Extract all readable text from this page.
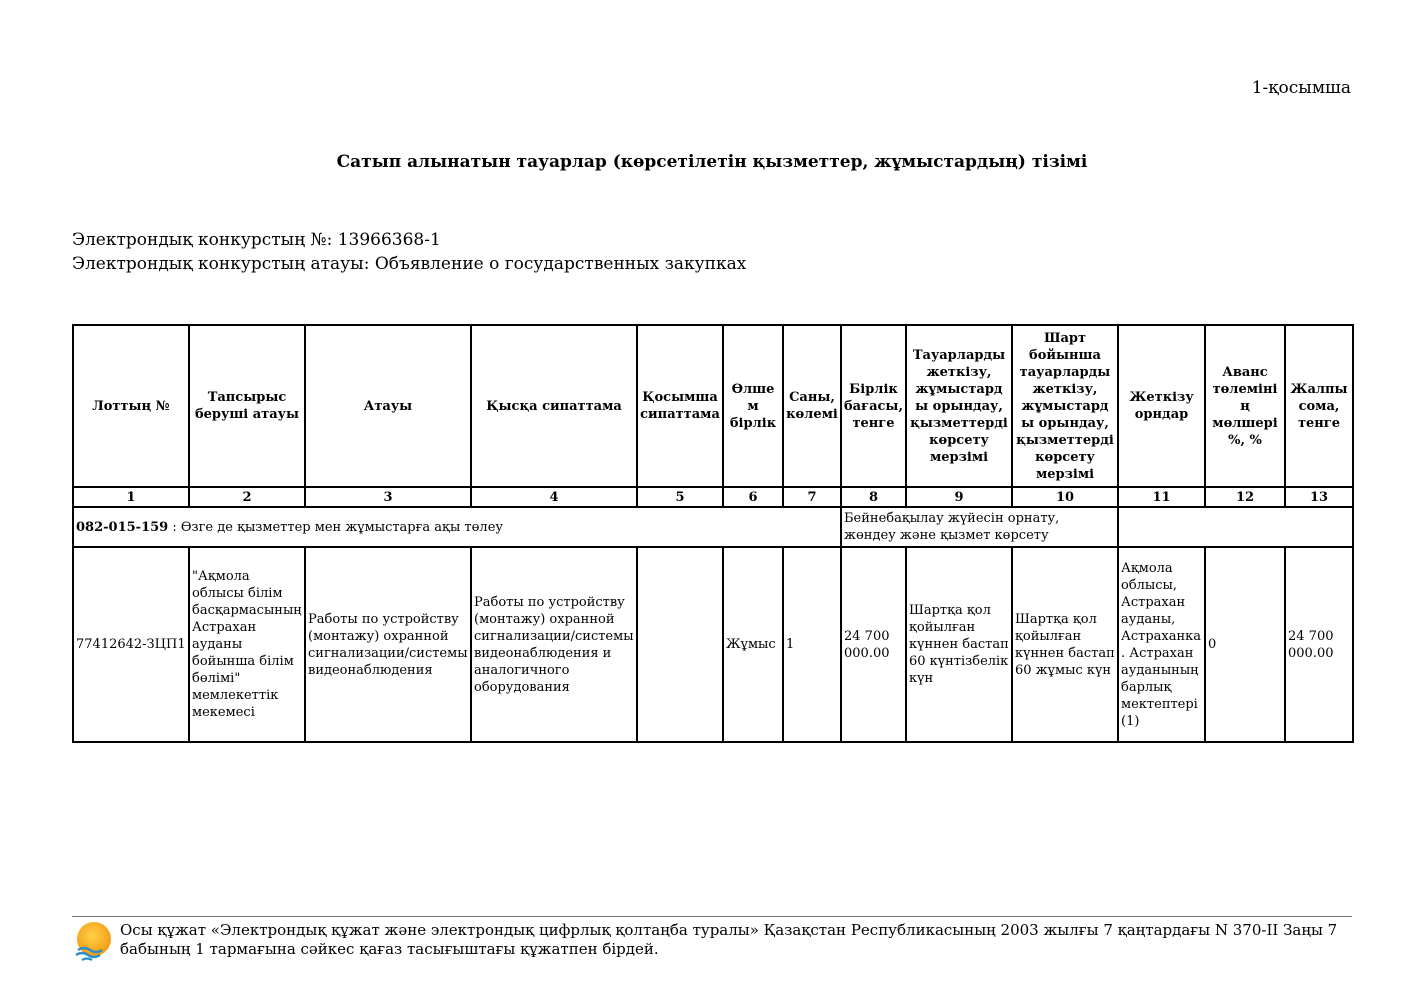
1-қосымша
Сатып алынатын тауарлар (көрсетілетін қызметтер, жұмыстардың) тізімі
Электрондық конкурстың №: 13966368-1
Электрондық конкурстың атауы: Объявление о государственных закупках
Лоттың №	Тапсырыс беруші атауы	Атауы	Қысқа сипаттама	Қосымша сипаттама	Өлшем бірлік	Саны, көлемі	Бірлік бағасы, тенге	Тауарларды жеткізу, жұмыстарды орындау, қызметтерді көрсету мерзімі	Шарт бойынша тауарларды жеткізу, жұмыстарды орындау, қызметтерді көрсету мерзімі	Жеткізу орндар	Аванс төлемінің мөлшері %, %	Жалпы сома, тенге
1	2	3	4	5	6	7	8	9	10	11	12	13
082-015-159 : Өзге де қызметтер мен жұмыстарға ақы төлеу							Бейнебақылау жүйесін орнату, жөндеу және қызмет көрсету					
77412642-ЗЦП1	"Ақмола облысы білім басқармасының Астрахан ауданы бойынша білім бөлімі" мемлекеттік мекемесі	Работы по устройству (монтажу) охранной сигнализации/системы видеонаблюдения	Работы по устройству (монтажу) охранной сигнализации/системы видеонаблюдения и аналогичного оборудования		Жұмыс	1	24 700 000.00	Шартқа қол қойылған күннен бастап 60 күнтізбелік күн	Шартқа қол қойылған күннен бастап 60 жұмыс күн	Ақмола облысы, Астрахан ауданы, Астраханка. Астрахан ауданының барлық мектептері (1)	0	24 700 000.00
Осы құжат «Электрондық құжат және электрондық цифрлық қолтаңба туралы» Қазақстан Республикасының 2003 жылғы 7 қаңтардағы N 370-II Заңы 7 бабының 1 тармағына сәйкес қағаз тасығыштағы құжатпен бірдей.
